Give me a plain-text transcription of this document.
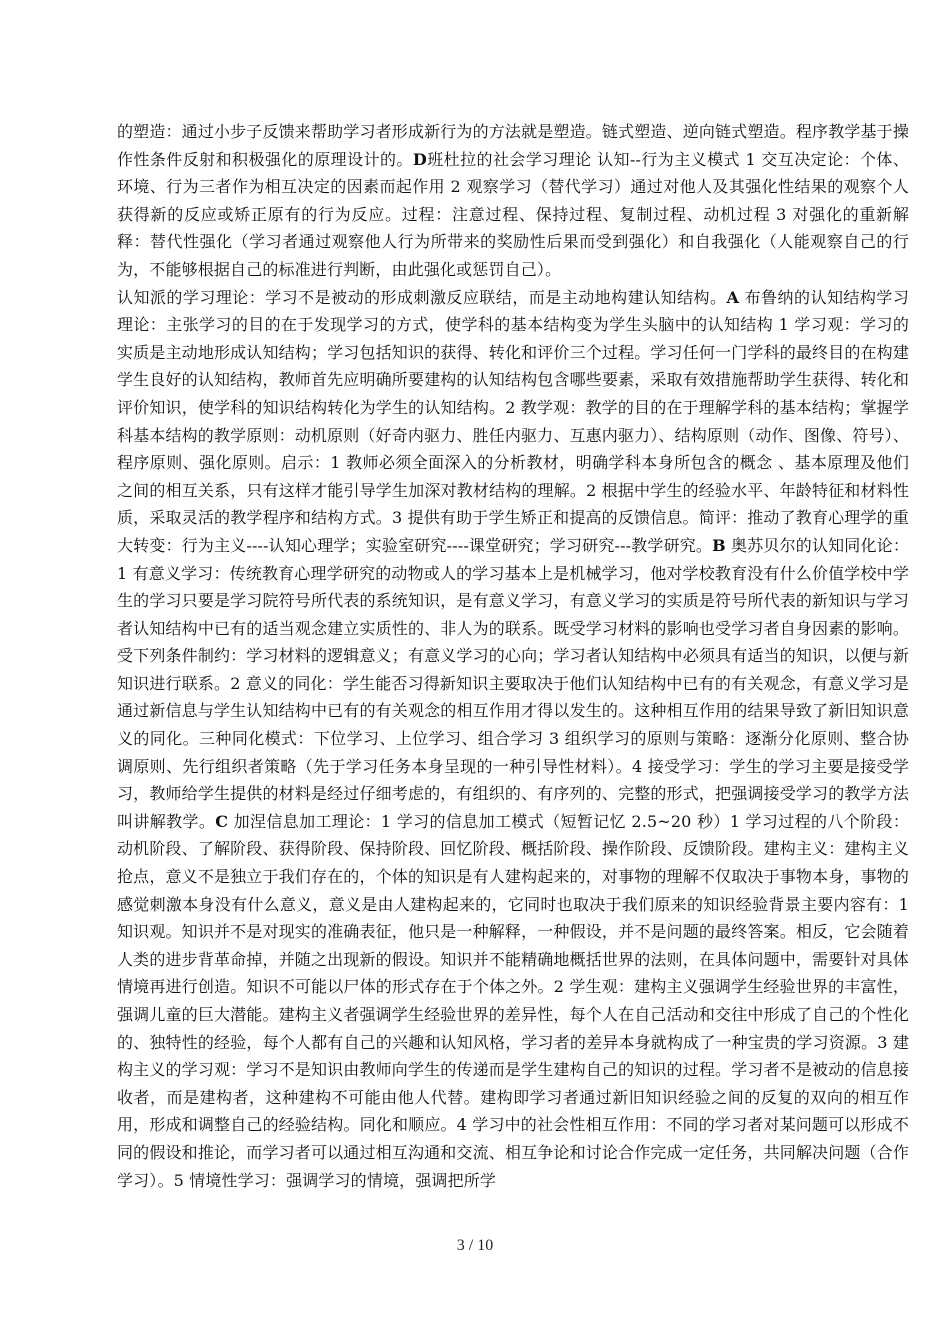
的塑造：通过小步子反馈来帮助学习者形成新行为的方法就是塑造。链式塑造、逆向链式塑造。程序教学基于操作性条件反射和积极强化的原理设计的。D班杜拉的社会学习理论 认知--行为主义模式 1 交互决定论：个体、环境、行为三者作为相互决定的因素而起作用 2 观察学习（替代学习）通过对他人及其强化性结果的观察个人获得新的反应或矫正原有的行为反应。过程：注意过程、保持过程、复制过程、动机过程 3 对强化的重新解释：替代性强化（学习者通过观察他人行为所带来的奖励性后果而受到强化）和自我强化（人能观察自己的行为，不能够根据自己的标准进行判断，由此强化或惩罚自己）。

认知派的学习理论：学习不是被动的形成刺激反应联结，而是主动地构建认知结构。A 布鲁纳的认知结构学习理论：主张学习的目的在于发现学习的方式，使学科的基本结构变为学生头脑中的认知结构 1 学习观：学习的实质是主动地形成认知结构；学习包括知识的获得、转化和评价三个过程。学习任何一门学科的最终目的在构建学生良好的认知结构，教师首先应明确所要建构的认知结构包含哪些要素，采取有效措施帮助学生获得、转化和评价知识，使学科的知识结构转化为学生的认知结构。2 教学观：教学的目的在于理解学科的基本结构；掌握学科基本结构的教学原则：动机原则（好奇内驱力、胜任内驱力、互惠内驱力）、结构原则（动作、图像、符号）、程序原则、强化原则。启示：1 教师必须全面深入的分析教材，明确学科本身所包含的概念 、基本原理及他们之间的相互关系，只有这样才能引导学生加深对教材结构的理解。2 根据中学生的经验水平、年龄特征和材料性质，采取灵活的教学程序和结构方式。3 提供有助于学生矫正和提高的反馈信息。简评：推动了教育心理学的重大转变：行为主义----认知心理学；实验室研究----课堂研究；学习研究---教学研究。B 奥苏贝尔的认知同化论：1 有意义学习：传统教育心理学研究的动物或人的学习基本上是机械学习，他对学校教育没有什么价值学校中学生的学习只要是学习院符号所代表的系统知识，是有意义学习，有意义学习的实质是符号所代表的新知识与学习者认知结构中已有的适当观念建立实质性的、非人为的联系。既受学习材料的影响也受学习者自身因素的影响。受下列条件制约：学习材料的逻辑意义；有意义学习的心向；学习者认知结构中必须具有适当的知识，以便与新知识进行联系。2 意义的同化：学生能否习得新知识主要取决于他们认知结构中已有的有关观念，有意义学习是通过新信息与学生认知结构中已有的有关观念的相互作用才得以发生的。这种相互作用的结果导致了新旧知识意义的同化。三种同化模式：下位学习、上位学习、组合学习 3 组织学习的原则与策略：逐渐分化原则、整合协调原则、先行组织者策略（先于学习任务本身呈现的一种引导性材料）。4 接受学习：学生的学习主要是接受学习，教师给学生提供的材料是经过仔细考虑的，有组织的、有序列的、完整的形式，把强调接受学习的教学方法叫讲解教学。C 加涅信息加工理论：1 学习的信息加工模式（短暂记忆 2.5~20 秒）1 学习过程的八个阶段：动机阶段、了解阶段、获得阶段、保持阶段、回忆阶段、概括阶段、操作阶段、反馈阶段。建构主义：建构主义抢点，意义不是独立于我们存在的，个体的知识是有人建构起来的，对事物的理解不仅取决于事物本身，事物的感觉刺激本身没有什么意义，意义是由人建构起来的，它同时也取决于我们原来的知识经验背景主要内容有：1 知识观。知识并不是对现实的准确表征，他只是一种解释，一种假设，并不是问题的最终答案。相反，它会随着人类的进步背革命掉，并随之出现新的假设。知识并不能精确地概括世界的法则，在具体问题中，需要针对具体情境再进行创造。知识不可能以尸体的形式存在于个体之外。2 学生观：建构主义强调学生经验世界的丰富性，强调儿童的巨大潜能。建构主义者强调学生经验世界的差异性，每个人在自己活动和交往中形成了自己的个性化的、独特性的经验，每个人都有自己的兴趣和认知风格，学习者的差异本身就构成了一种宝贵的学习资源。3 建构主义的学习观：学习不是知识由教师向学生的传递而是学生建构自己的知识的过程。学习者不是被动的信息接收者，而是建构者，这种建构不可能由他人代替。建构即学习者通过新旧知识经验之间的反复的双向的相互作用，形成和调整自己的经验结构。同化和顺应。4 学习中的社会性相互作用：不同的学习者对某问题可以形成不同的假设和推论，而学习者可以通过相互沟通和交流、相互争论和讨论合作完成一定任务，共同解决问题（合作学习）。5 情境性学习：强调学习的情境，强调把所学

3 / 10
